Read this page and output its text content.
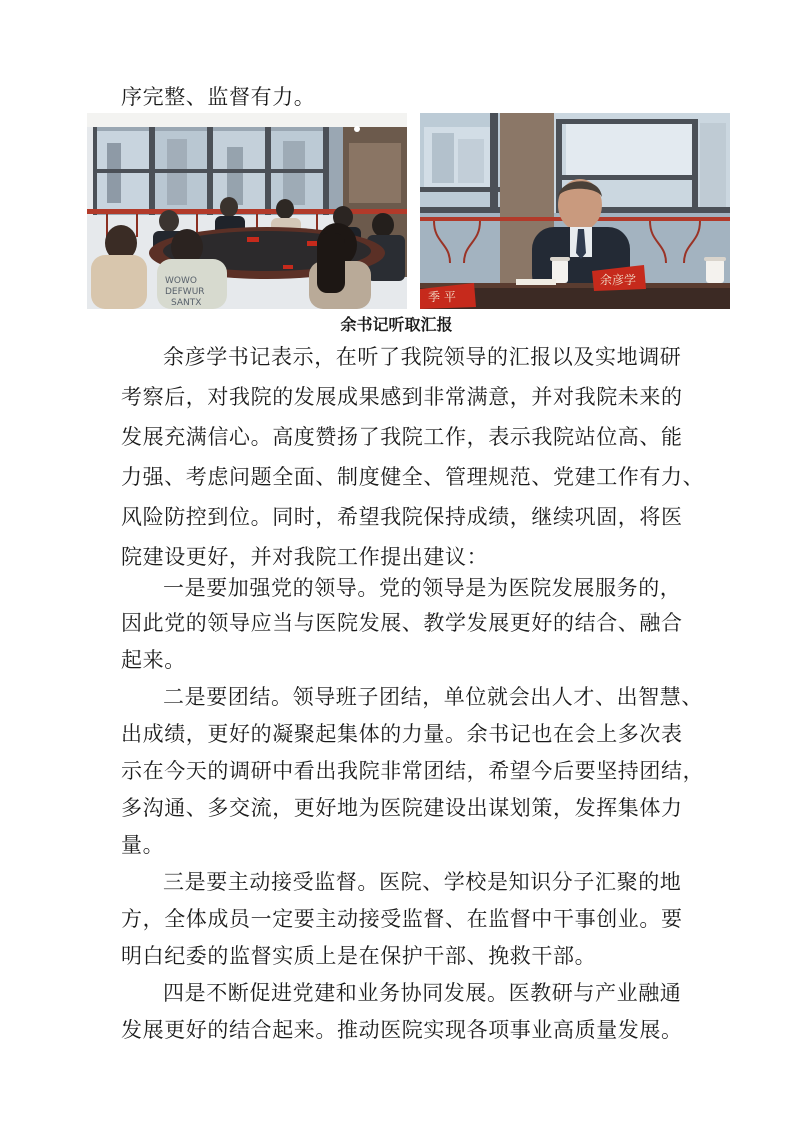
序完整、监督有力。
WOWO
DEFWUR
SANTX	季 平
余彦学
余书记听取汇报
余彦学书记表示，在听了我院领导的汇报以及实地调研
考察后，对我院的发展成果感到非常满意，并对我院未来的
发展充满信心。高度赞扬了我院工作，表示我院站位高、能
力强、考虑问题全面、制度健全、管理规范、党建工作有力、
风险防控到位。同时，希望我院保持成绩，继续巩固，将医
院建设更好，并对我院工作提出建议：
一是要加强党的领导。党的领导是为医院发展服务的，
因此党的领导应当与医院发展、教学发展更好的结合、融合
起来。
二是要团结。领导班子团结，单位就会出人才、出智慧、
出成绩，更好的凝聚起集体的力量。余书记也在会上多次表
示在今天的调研中看出我院非常团结，希望今后要坚持团结，
多沟通、多交流，更好地为医院建设出谋划策，发挥集体力
量。
三是要主动接受监督。医院、学校是知识分子汇聚的地
方，全体成员一定要主动接受监督、在监督中干事创业。要
明白纪委的监督实质上是在保护干部、挽救干部。
四是不断促进党建和业务协同发展。医教研与产业融通
发展更好的结合起来。推动医院实现各项事业高质量发展。
